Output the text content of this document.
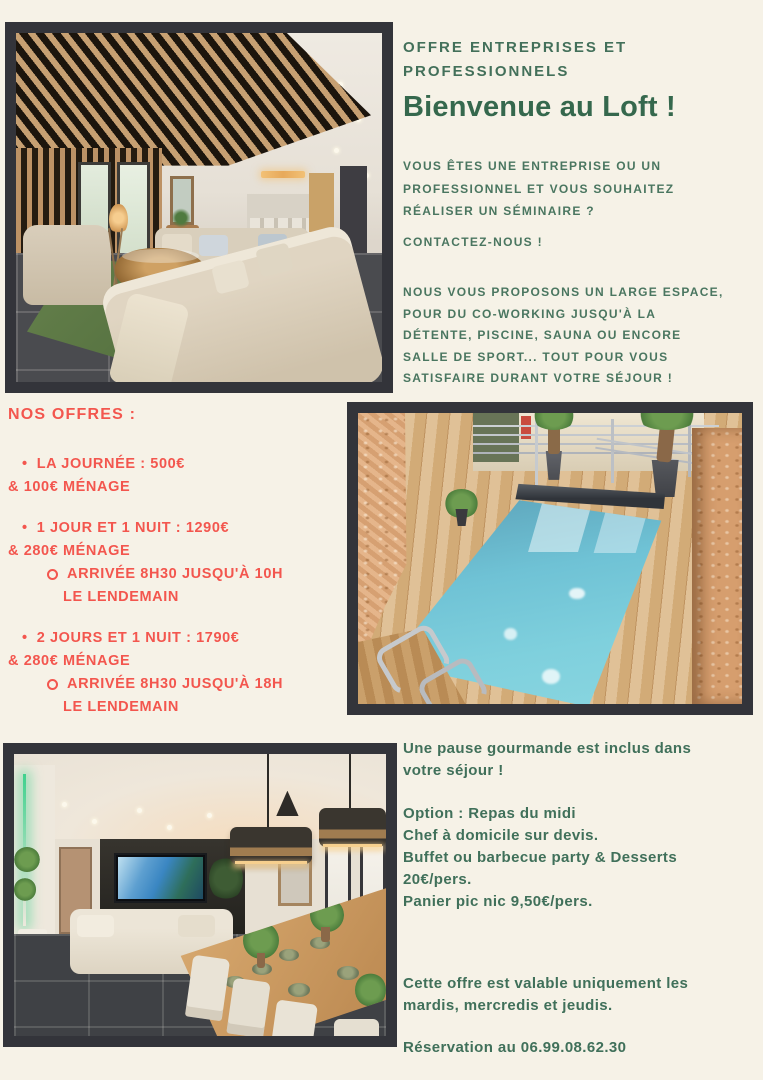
OFFRE ENTREPRISES ET
PROFESSIONNELS
Bienvenue au Loft !
VOUS ÊTES UNE ENTREPRISE OU UN
PROFESSIONNEL ET VOUS SOUHAITEZ
RÉALISER UN SÉMINAIRE ?
CONTACTEZ-NOUS !
NOUS VOUS PROPOSONS UN LARGE ESPACE,
POUR DU CO-WORKING JUSQU'À LA
DÉTENTE, PISCINE, SAUNA OU ENCORE
SALLE DE SPORT... TOUT POUR VOUS
SATISFAIRE DURANT VOTRE SÉJOUR !
NOS OFFRES :
• LA JOURNÉE : 500€
& 100€ MÉNAGE
• 1 JOUR ET 1 NUIT : 1290€
& 280€ MÉNAGE
ARRIVÉE 8H30 JUSQU'À 10H
LE LENDEMAIN
• 2 JOURS ET 1 NUIT : 1790€
& 280€ MÉNAGE
ARRIVÉE 8H30 JUSQU'À 18H
LE LENDEMAIN
Une pause gourmande est inclus dans
votre séjour !
Option : Repas du midi
Chef à domicile sur devis.
Buffet ou barbecue party & Desserts
20€/pers.
Panier pic nic 9,50€/pers.
Cette offre est valable uniquement les
mardis, mercredis et jeudis.
Réservation au 06.99.08.62.30
